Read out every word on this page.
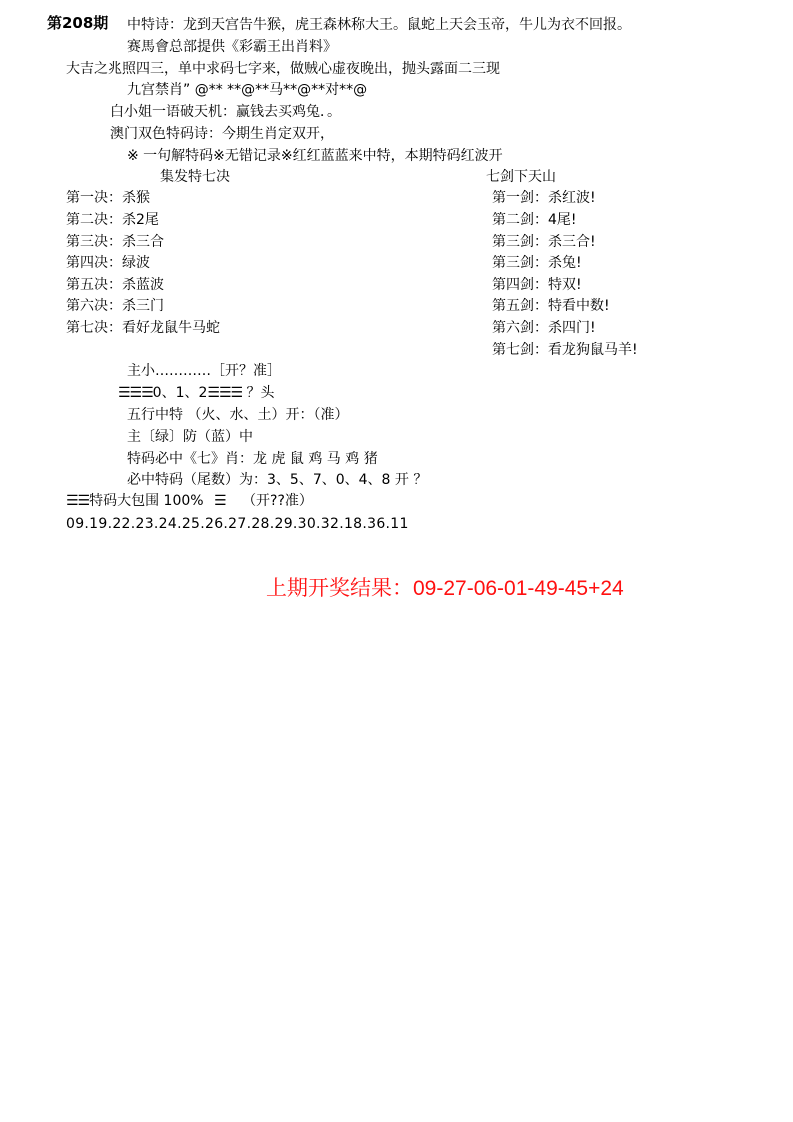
第208期 中特诗：龙到天宫告牛猴，虎王森林称大王。鼠蛇上天会玉帝，牛儿为衣不回报。
赛馬會总部提供《彩霸王出肖料》
大吉之兆照四三，单中求码七字来，做贼心虚夜晚出，抛头露面二三现
九宫禁肖” @** **@**马**@**对**@
白小姐一语破天机：赢钱去买鸡兔．。
澳门双色特码诗：今期生肖定双开，
※ 一句解特码※无错记录※红红蓝蓝来中特，本期特码红波开
集发特七决	七剑下天山
第一决：杀猴
第二决：杀2尾
第三决：杀三合
第四决：绿波
第五决：杀蓝波
第六决：杀三门
第七决：看好龙鼠牛马蛇
第一剑：杀红波!
第二剑：4尾!
第三剑：杀三合!
第三剑：杀兔!
第四剑：特双!
第五剑：特看中数!
第六剑：杀四门!
第七剑：看龙狗鼠马羊!
主小…………［开？准］
☰☰☰0、1、2☰☰☰ ？头
五行中特 （火、水、土）开：（准）
主〔绿〕防（蓝）中
特码必中《七》肖：龙 虎 鼠 鸡 马 鸡 猪
必中特码（尾数）为：3、5、7、0、4、8 开 ？
☰☰特码大包围 100% ☰ （开??准）
09.19.22.23.24.25.26.27.28.29.30.32.18.36.11
上期开奖结果：09-27-06-01-49-45+24
